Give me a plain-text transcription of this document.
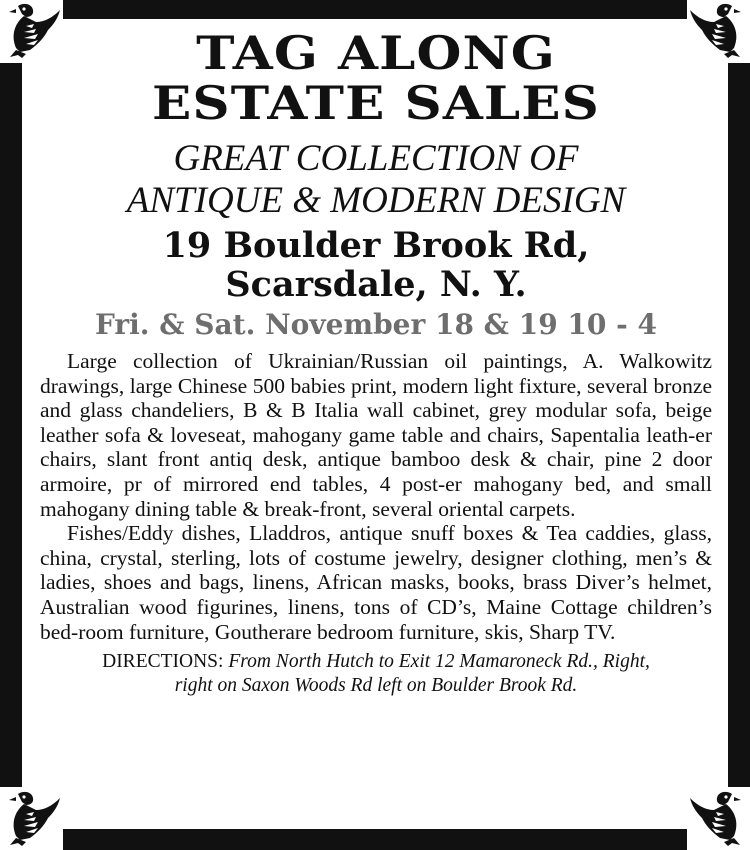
TAG ALONG
ESTATE SALES
GREAT COLLECTION OF
ANTIQUE & MODERN DESIGN
19 Boulder Brook Rd,
Scarsdale, N. Y.
Fri. & Sat. November 18 & 19 10 - 4

Large collection of Ukrainian/Russian oil paintings, A. Walkowitz drawings, large Chinese 500 babies print, modern light fixture, several bronze and glass chandeliers, B & B Italia wall cabinet, grey modular sofa, beige leather sofa & loveseat, mahogany game table and chairs, Sapentalia leath-er chairs, slant front antiq desk, antique bamboo desk & chair, pine 2 door armoire, pr of mirrored end tables, 4 post-er mahogany bed, and small mahogany dining table & break-front, several oriental carpets.

Fishes/Eddy dishes, Lladdros, antique snuff boxes & Tea caddies, glass, china, crystal, sterling, lots of costume jewelry, designer clothing, men’s & ladies, shoes and bags, linens, African masks, books, brass Diver’s helmet, Australian wood figurines, linens, tons of CD’s, Maine Cottage children’s bed-room furniture, Goutherare bedroom furniture, skis, Sharp TV.

DIRECTIONS: From North Hutch to Exit 12 Mamaroneck Rd., Right,
right on Saxon Woods Rd left on Boulder Brook Rd.
